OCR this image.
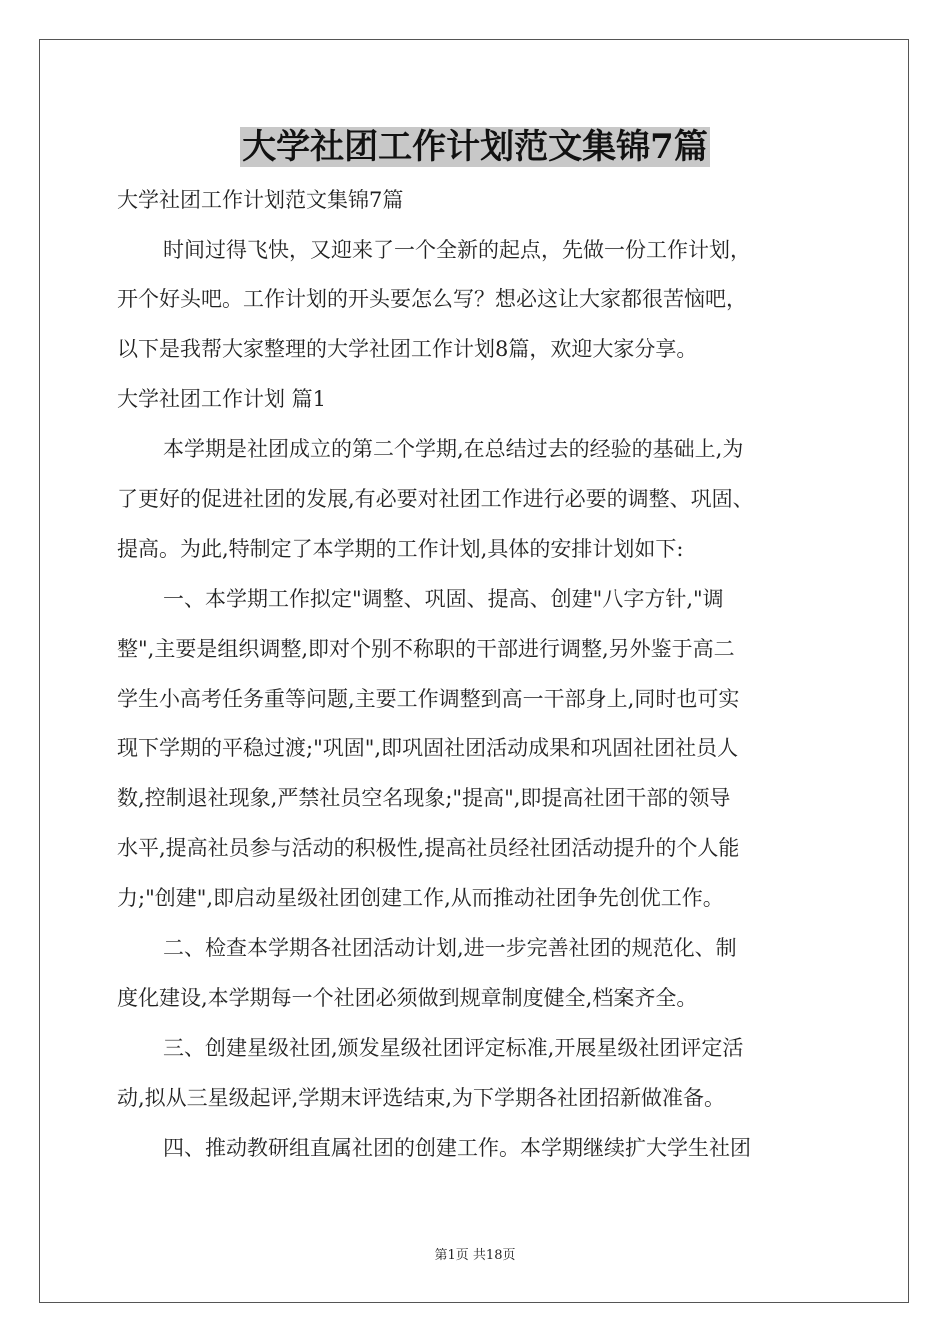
大学社团工作计划范文集锦7篇
大学社团工作计划范文集锦7篇
时间过得飞快，又迎来了一个全新的起点，先做一份工作计划，
开个好头吧。工作计划的开头要怎么写？想必这让大家都很苦恼吧，
以下是我帮大家整理的大学社团工作计划8篇，欢迎大家分享。
大学社团工作计划 篇1
本学期是社团成立的第二个学期,在总结过去的经验的基础上,为
了更好的促进社团的发展,有必要对社团工作进行必要的调整、巩固、
提高。为此,特制定了本学期的工作计划,具体的安排计划如下:
一、本学期工作拟定"调整、巩固、提高、创建"八字方针,"调
整",主要是组织调整,即对个别不称职的干部进行调整,另外鉴于高二
学生小高考任务重等问题,主要工作调整到高一干部身上,同时也可实
现下学期的平稳过渡;"巩固",即巩固社团活动成果和巩固社团社员人
数,控制退社现象,严禁社员空名现象;"提高",即提高社团干部的领导
水平,提高社员参与活动的积极性,提高社员经社团活动提升的个人能
力;"创建",即启动星级社团创建工作,从而推动社团争先创优工作。
二、检查本学期各社团活动计划,进一步完善社团的规范化、制
度化建设,本学期每一个社团必须做到规章制度健全,档案齐全。
三、创建星级社团,颁发星级社团评定标准,开展星级社团评定活
动,拟从三星级起评,学期末评选结束,为下学期各社团招新做准备。
四、推动教研组直属社团的创建工作。本学期继续扩大学生社团
第1页 共18页
